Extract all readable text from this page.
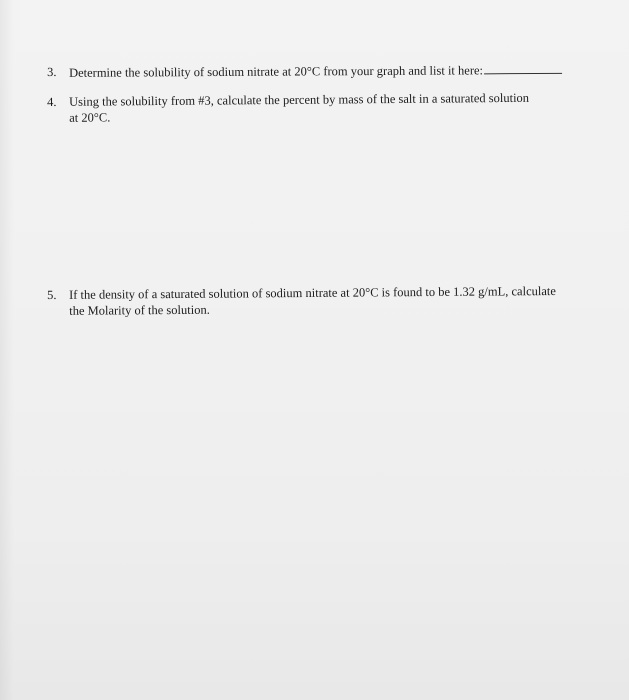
3. Determine the solubility of sodium nitrate at 20°C from your graph and list it here:
4. Using the solubility from #3, calculate the percent by mass of the salt in a saturated solution
at 20°C.
5. If the density of a saturated solution of sodium nitrate at 20°C is found to be 1.32 g/mL, calculate
the Molarity of the solution.
